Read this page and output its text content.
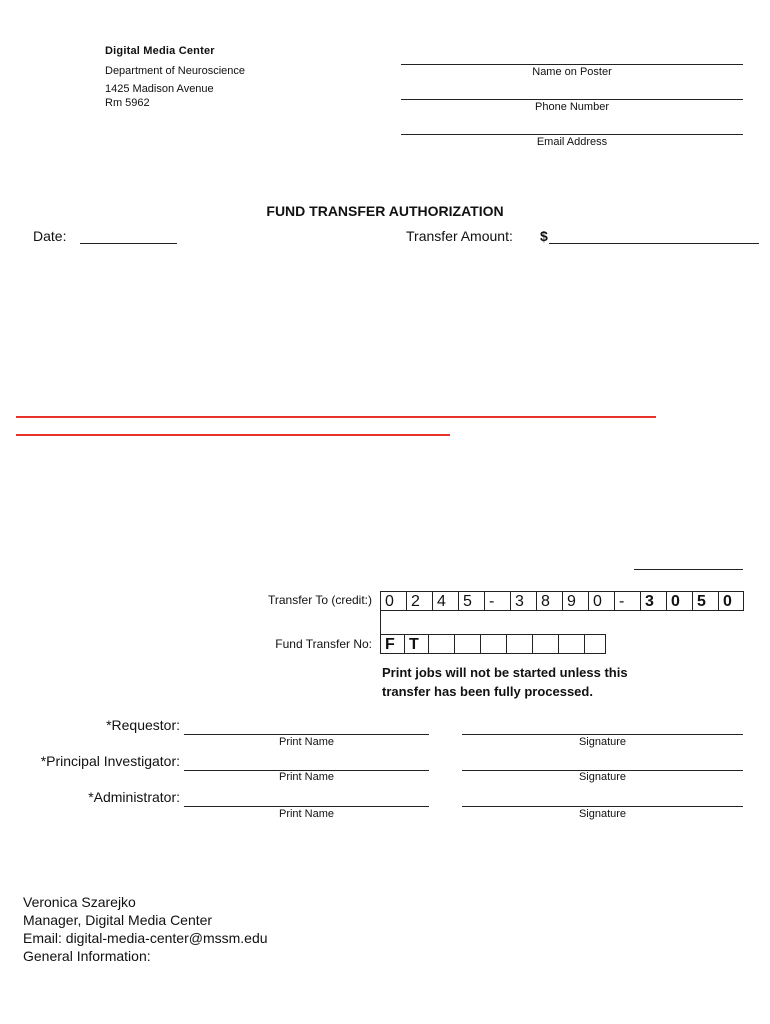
Digital Media Center
Department of Neuroscience
1425 Madison Avenue
Rm 5962
Name on Poster
Phone Number
Email Address
FUND TRANSFER AUTHORIZATION
Date:	Transfer Amount: $
Transfer To (credit:) 0	2	4	5	-	3	8	9	0	-	3	0	5	0
Fund Transfer No: F T
Print jobs will not be started unless this
transfer has been fully processed.
*Requestor:
Print Name	Signature
*Principal Investigator:
Print Name	Signature
*Administrator:
Print Name	Signature
Veronica Szarejko
Manager, Digital Media Center
Email: digital-media-center@mssm.edu
General Information:
